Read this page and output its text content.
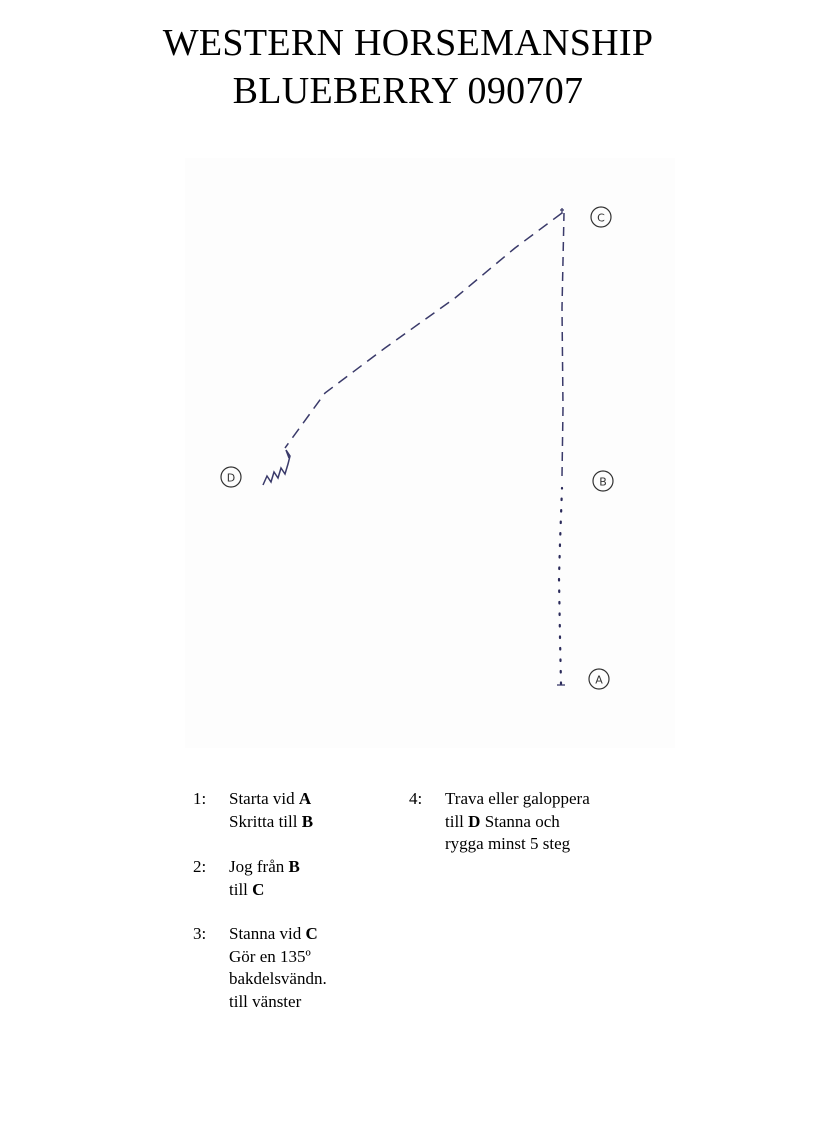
WESTERN HORSEMANSHIP
BLUEBERRY 090707
C
B
A
D
1: Starta vid A
Skritta till B
2: Jog från B
till C
3: Stanna vid C
Gör en 135º
bakdelsvändn.
till vänster
4: Trava eller galoppera
till D Stanna och
rygga minst 5 steg
